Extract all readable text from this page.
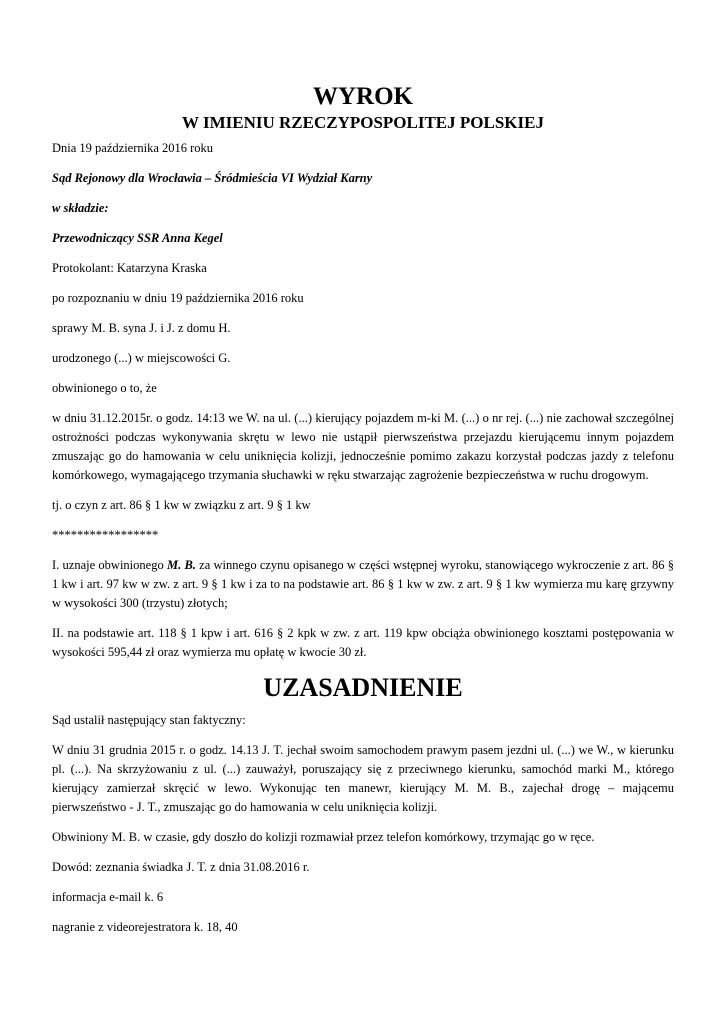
WYROK
W IMIENIU RZECZYPOSPOLITEJ POLSKIEJ

Dnia 19 października 2016 roku

Sąd Rejonowy dla Wrocławia – Śródmieścia VI Wydział Karny

w składzie:

Przewodniczący SSR Anna Kegel

Protokolant: Katarzyna Kraska

po rozpoznaniu w dniu 19 października 2016 roku

sprawy M. B. syna J. i J. z domu H.

urodzonego (...) w miejscowości G.

obwinionego o to, że

w dniu 31.12.2015r. o godz. 14:13 we W. na ul. (...) kierujący pojazdem m-ki M. (...) o nr rej. (...) nie zachował szczególnej ostrożności podczas wykonywania skrętu w lewo nie ustąpił pierwszeństwa przejazdu kierującemu innym pojazdem zmuszając go do hamowania w celu uniknięcia kolizji, jednocześnie pomimo zakazu korzystał podczas jazdy z telefonu komórkowego, wymagającego trzymania słuchawki w ręku stwarzając zagrożenie bezpieczeństwa w ruchu drogowym.

tj. o czyn z art. 86 § 1 kw w związku z art. 9 § 1 kw

*****************

I. uznaje obwinionego M. B. za winnego czynu opisanego w części wstępnej wyroku, stanowiącego wykroczenie z art. 86 § 1 kw i art. 97 kw w zw. z art. 9 § 1 kw i za to na podstawie art. 86 § 1 kw w zw. z art. 9 § 1 kw wymierza mu karę grzywny w wysokości 300 (trzystu) złotych;

II. na podstawie art. 118 § 1 kpw i art. 616 § 2 kpk w zw. z art. 119 kpw obciąża obwinionego kosztami postępowania w wysokości 595,44 zł oraz wymierza mu opłatę w kwocie 30 zł.

UZASADNIENIE

Sąd ustalił następujący stan faktyczny:

W dniu 31 grudnia 2015 r. o godz. 14.13 J. T. jechał swoim samochodem prawym pasem jezdni ul. (...) we W., w kierunku pl. (...). Na skrzyżowaniu z ul. (...) zauważył, poruszający się z przeciwnego kierunku, samochód marki M., którego kierujący zamierzał skręcić w lewo. Wykonując ten manewr, kierujący M. M. B., zajechał drogę – mającemu pierwszeństwo - J. T., zmuszając go do hamowania w celu uniknięcia kolizji.

Obwiniony M. B. w czasie, gdy doszło do kolizji rozmawiał przez telefon komórkowy, trzymając go w ręce.

Dowód: zeznania świadka J. T. z dnia 31.08.2016 r.

informacja e-mail k. 6

nagranie z videorejestratora k. 18, 40
